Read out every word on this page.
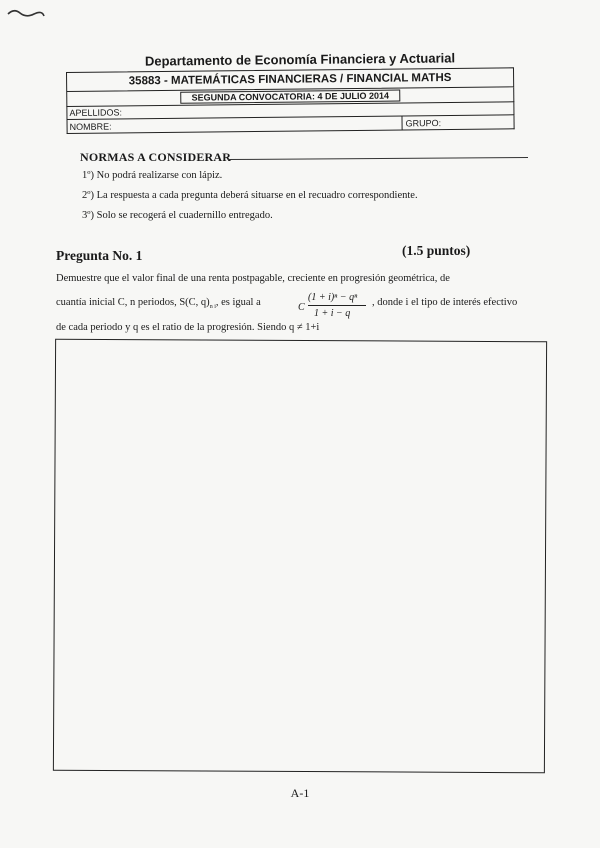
Departamento de Economía Financiera y Actuarial
35883 - MATEMÁTICAS FINANCIERAS / FINANCIAL MATHS
SEGUNDA CONVOCATORIA: 4 DE JULIO 2014
APELLIDOS:
NOMBRE:	GRUPO:
NORMAS A CONSIDERAR
1º) No podrá realizarse con lápiz.
2º) La respuesta a cada pregunta deberá situarse en el recuadro correspondiente.
3º) Solo se recogerá el cuadernillo entregado.
Pregunta No. 1	(1.5 puntos)
Demuestre que el valor final de una renta postpagable, creciente en progresión geométrica, de
cuantía inicial C, n periodos, S(C, $q)_{n i}$, es igual a	C
(1 + i)ⁿ − qⁿ
1 + i − q
, donde i el tipo de interés efectivo
de cada periodo y q es el ratio de la progresión. Siendo q ≠ 1+i
A-1
